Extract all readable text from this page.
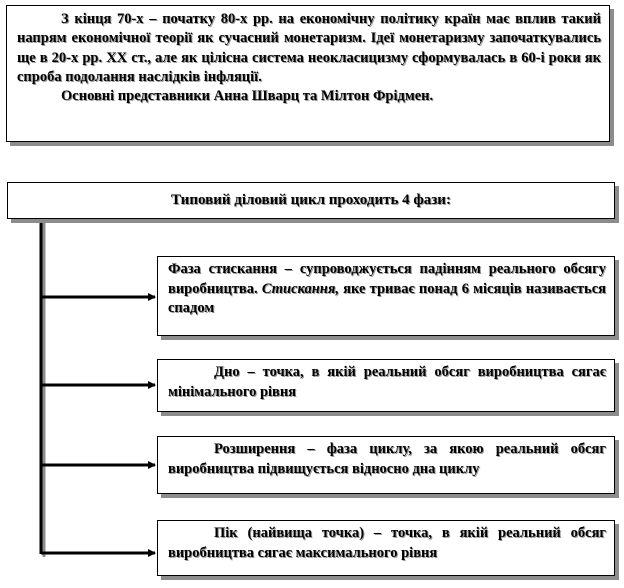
З кінця 70-х – початку 80-х рр. на економічну політику країн має вплив такий напрям економічної теорії як сучасний монетаризм. Ідеї монетаризму започаткувались ще в 20-х рр. XX ст., але як цілісна система неокласицизму сформувалась в 60-і роки як спроба подолання наслідків інфляції.

Основні представники Анна Шварц та Мілтон Фрідмен.

Типовий діловий цикл проходить 4 фази:

Фаза стискання – супроводжується падінням реального обсягу виробництва. Стискання, яке триває понад 6 місяців називається спадом

Дно – точка, в якій реальний обсяг виробництва сягає мінімального рівня

Розширення – фаза циклу, за якою реальний обсяг виробництва підвищується відносно дна циклу

Пік (найвища точка) – точка, в якій реальний обсяг виробництва сягає максимального рівня
